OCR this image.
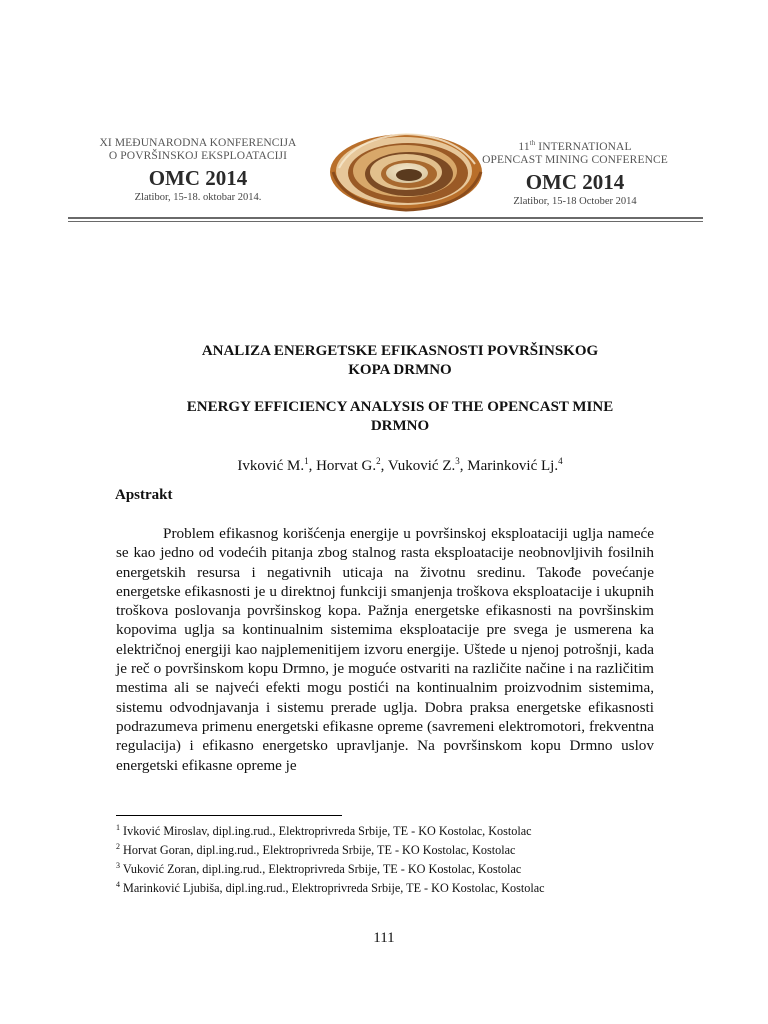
XI MEĐUNARODNA KONFERENCIJA
O POVRŠINSKOJ EKSPLOATACIJI
OMC 2014
Zlatibor, 15-18. oktobar 2014.
11th INTERNATIONAL
OPENCAST MINING CONFERENCE
OMC 2014
Zlatibor, 15-18 October 2014
ANALIZA ENERGETSKE EFIKASNOSTI POVRŠINSKOG
KOPA DRMNO
ENERGY EFFICIENCY ANALYSIS OF THE OPENCAST MINE
DRMNO
Ivković M.$^1$, Horvat G.$^2$, Vuković Z.$^3$, Marinković Lj.$^4$
Apstrakt

Problem efikasnog korišćenja energije u površinskoj eksploataciji uglja nameće se kao jedno od vodećih pitanja zbog stalnog rasta eksploatacije neobnovljivih fosilnih energetskih resursa i negativnih uticaja na životnu sredinu. Takođe povećanje energetske efikasnosti je u direktnoj funkciji smanjenja troškova eksploatacije i ukupnih troškova poslovanja površinskog kopa. Pažnja energetske efikasnosti na površinskim kopovima uglja sa kontinualnim sistemima eksploatacije pre svega je usmerena ka električnoj energiji kao najplemenitijem izvoru energije. Uštede u njenoj potrošnji, kada je reč o površinskom kopu Drmno, je moguće ostvariti na različite načine i na različitim mestima ali se najveći efekti mogu postići na kontinualnim proizvodnim sistemima, sistemu odvodnjavanja i sistemu prerade uglja. Dobra praksa energetske efikasnosti podrazumeva primenu energetski efikasne opreme (savremeni elektromotori, frekventna regulacija) i efikasno energetsko upravljanje. Na površinskom kopu Drmno uslov energetski efikasne opreme je

$^1$ Ivković Miroslav, dipl.ing.rud., Elektroprivreda Srbije, TE - KO Kostolac, Kostolac
$^2$ Horvat Goran, dipl.ing.rud., Elektroprivreda Srbije, TE - KO Kostolac, Kostolac
$^3$ Vuković Zoran, dipl.ing.rud., Elektroprivreda Srbije, TE - KO Kostolac, Kostolac
$^4$ Marinković Ljubiša, dipl.ing.rud., Elektroprivreda Srbije, TE - KO Kostolac, Kostolac
111
